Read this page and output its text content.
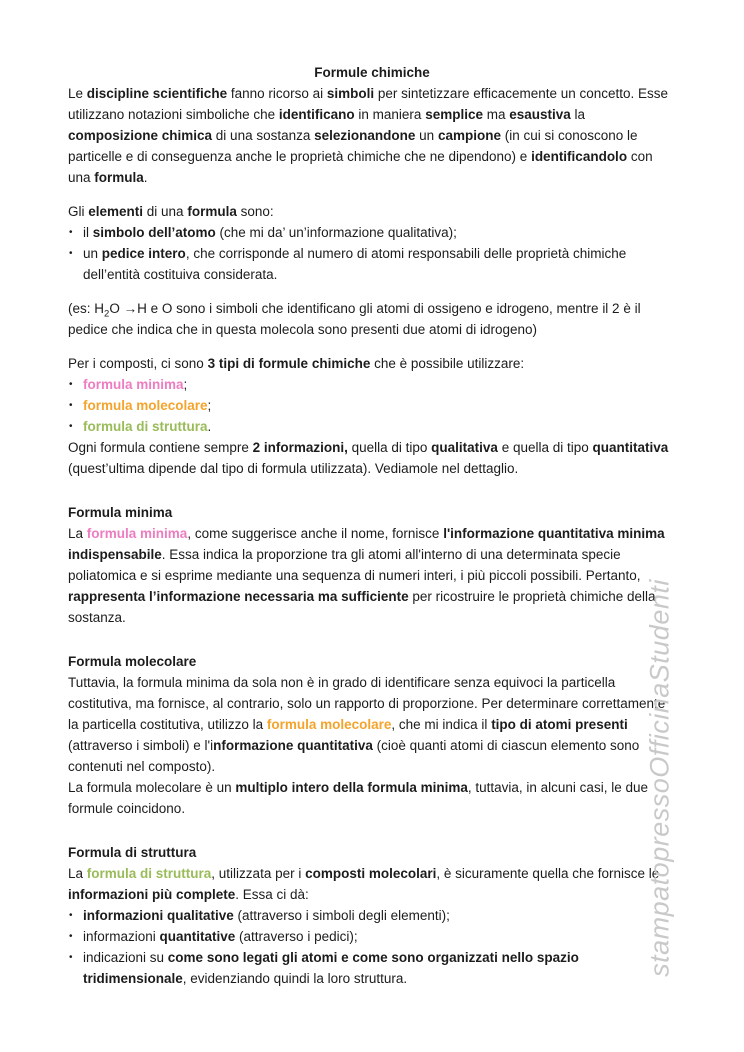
Formule chimiche
Le discipline scientifiche fanno ricorso ai simboli per sintetizzare efficacemente un concetto. Esse utilizzano notazioni simboliche che identificano in maniera semplice ma esaustiva la composizione chimica di una sostanza selezionandone un campione (in cui si conoscono le particelle e di conseguenza anche le proprietà chimiche che ne dipendono) e identificandolo con una formula.
Gli elementi di una formula sono:
• il simbolo dell’atomo (che mi da’ un’informazione qualitativa);
• un pedice intero, che corrisponde al numero di atomi responsabili delle proprietà chimiche dell’entità costituiva considerata.
(es: $H_2O \to H$ e O sono i simboli che identificano gli atomi di ossigeno e idrogeno, mentre il 2 è il pedice che indica che in questa molecola sono presenti due atomi di idrogeno)
Per i composti, ci sono 3 tipi di formule chimiche che è possibile utilizzare:
• formula minima;
• formula molecolare;
• formula di struttura.
Ogni formula contiene sempre 2 informazioni, quella di tipo qualitativa e quella di tipo quantitativa (quest’ultima dipende dal tipo di formula utilizzata). Vediamole nel dettaglio.
Formula minima
La formula minima, come suggerisce anche il nome, fornisce l'informazione quantitativa minima indispensabile. Essa indica la proporzione tra gli atomi all'interno di una determinata specie poliatomica e si esprime mediante una sequenza di numeri interi, i più piccoli possibili. Pertanto, rappresenta l’informazione necessaria ma sufficiente per ricostruire le proprietà chimiche della sostanza.
Formula molecolare
Tuttavia, la formula minima da sola non è in grado di identificare senza equivoci la particella costitutiva, ma fornisce, al contrario, solo un rapporto di proporzione. Per determinare correttamente la particella costitutiva, utilizzo la formula molecolare, che mi indica il tipo di atomi presenti (attraverso i simboli) e l'informazione quantitativa (cioè quanti atomi di ciascun elemento sono contenuti nel composto).
La formula molecolare è un multiplo intero della formula minima, tuttavia, in alcuni casi, le due formule coincidono.
Formula di struttura
La formula di struttura, utilizzata per i composti molecolari, è sicuramente quella che fornisce le informazioni più complete. Essa ci dà:
• informazioni qualitative (attraverso i simboli degli elementi);
• informazioni quantitative (attraverso i pedici);
• indicazioni su come sono legati gli atomi e come sono organizzati nello spazio tridimensionale, evidenziando quindi la loro struttura.
stampatopressoOfficinaStudenti
